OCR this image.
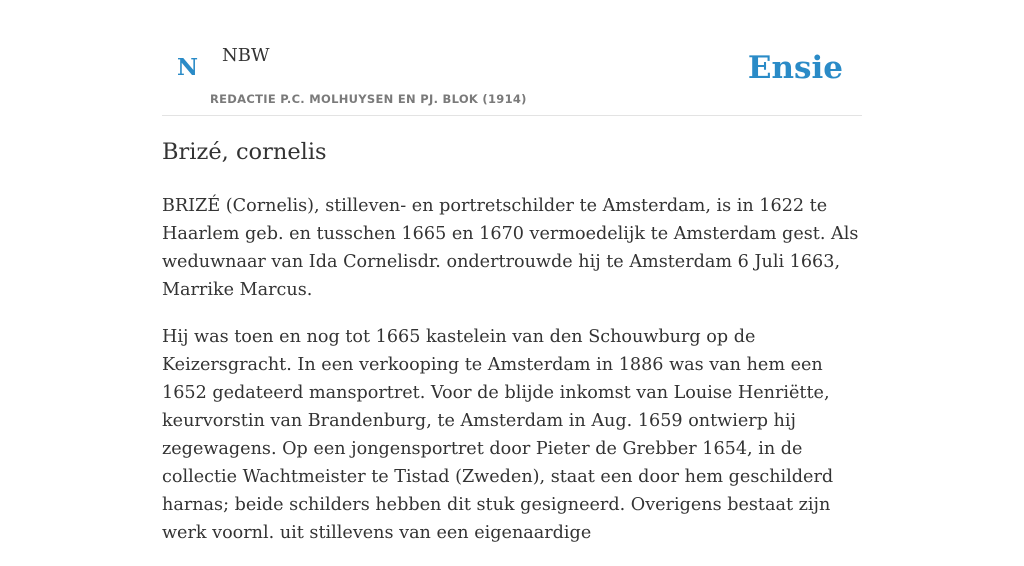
N NBW
REDACTIE P.C. MOLHUYSEN EN PJ. BLOK (1914)
Ensie
Brizé, cornelis

BRIZÉ (Cornelis), stilleven- en portretschilder te Amsterdam, is in 1622 te Haarlem geb. en tusschen 1665 en 1670 vermoedelijk te Amsterdam gest. Als weduwnaar van Ida Cornelisdr. ondertrouwde hij te Amsterdam 6 Juli 1663, Marrike Marcus.

Hij was toen en nog tot 1665 kastelein van den Schouwburg op de Keizersgracht. In een verkooping te Amsterdam in 1886 was van hem een 1652 gedateerd mansportret. Voor de blijde inkomst van Louise Henriëtte, keurvorstin van Brandenburg, te Amsterdam in Aug. 1659 ontwierp hij zegewagens. Op een jongensportret door Pieter de Grebber 1654, in de collectie Wachtmeister te Tistad (Zweden), staat een door hem geschilderd harnas; beide schilders hebben dit stuk gesigneerd. Overigens bestaat zijn werk voornl. uit stillevens van een eigenaardige
